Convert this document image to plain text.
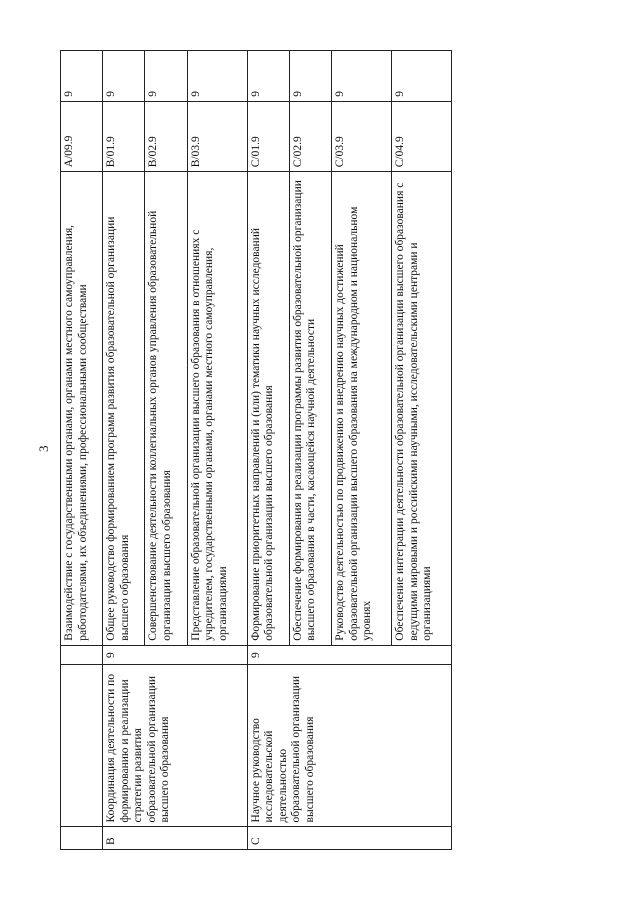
3
			Взаимодействие с государственными органами, органами местного самоуправления, работодателями, их объединениями, профессиональными сообществами	A/09.9	9
B	Координация деятельности по формированию и реализации стратегии развития образовательной организации высшего образования	9	Общее руководство формированием программ развития образовательной организации высшего образования	B/01.9	9
			Совершенствование деятельности коллегиальных органов управления образовательной организации высшего образования	B/02.9	9
			Представление образовательной организации высшего образования в отношениях с учредителем, государственными органами, органами местного самоуправления, организациями	B/03.9	9
C	Научное руководство исследовательской деятельностью образовательной организации высшего образования	9	Формирование приоритетных направлений и (или) тематики научных исследований образовательной организации высшего образования	C/01.9	9
			Обеспечение формирования и реализации программы развития образовательной организации высшего образования в части, касающейся научной деятельности	C/02.9	9
			Руководство деятельностью по продвижению и внедрению научных достижений образовательной организации высшего образования на международном и национальном уровнях	C/03.9	9
			Обеспечение интеграции деятельности образовательной организации высшего образования с ведущими мировыми и российскими научными, исследовательскими центрами и организациями	C/04.9	9
